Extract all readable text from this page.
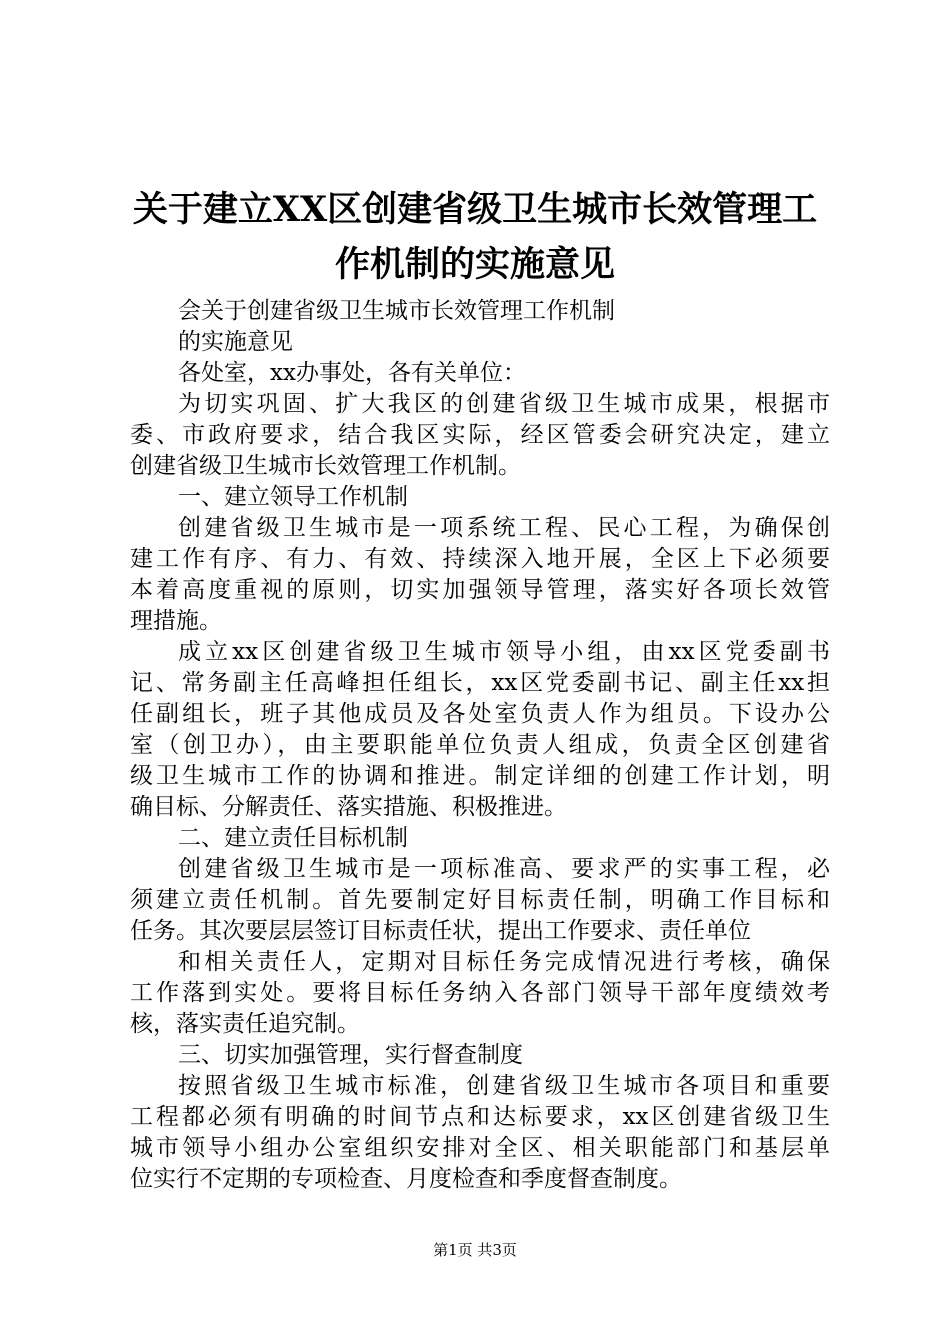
关于建立XX区创建省级卫生城市长效管理工
作机制的实施意见
会关于创建省级卫生城市长效管理工作机制
的实施意见
各处室，xx办事处，各有关单位：
为切实巩固、扩大我区的创建省级卫生城市成果，根据市
委、市政府要求，结合我区实际，经区管委会研究决定，建立
创建省级卫生城市长效管理工作机制。
一、建立领导工作机制
创建省级卫生城市是一项系统工程、民心工程，为确保创
建工作有序、有力、有效、持续深入地开展，全区上下必须要
本着高度重视的原则，切实加强领导管理，落实好各项长效管
理措施。
成立xx区创建省级卫生城市领导小组，由xx区党委副书
记、常务副主任高峰担任组长，xx区党委副书记、副主任xx担
任副组长，班子其他成员及各处室负责人作为组员。下设办公
室（创卫办），由主要职能单位负责人组成，负责全区创建省
级卫生城市工作的协调和推进。制定详细的创建工作计划，明
确目标、分解责任、落实措施、积极推进。
二、建立责任目标机制
创建省级卫生城市是一项标准高、要求严的实事工程，必
须建立责任机制。首先要制定好目标责任制，明确工作目标和
任务。其次要层层签订目标责任状，提出工作要求、责任单位
和相关责任人，定期对目标任务完成情况进行考核，确保
工作落到实处。要将目标任务纳入各部门领导干部年度绩效考
核，落实责任追究制。
三、切实加强管理，实行督查制度
按照省级卫生城市标准，创建省级卫生城市各项目和重要
工程都必须有明确的时间节点和达标要求，xx区创建省级卫生
城市领导小组办公室组织安排对全区、相关职能部门和基层单
位实行不定期的专项检查、月度检查和季度督查制度。
第1页 共3页
